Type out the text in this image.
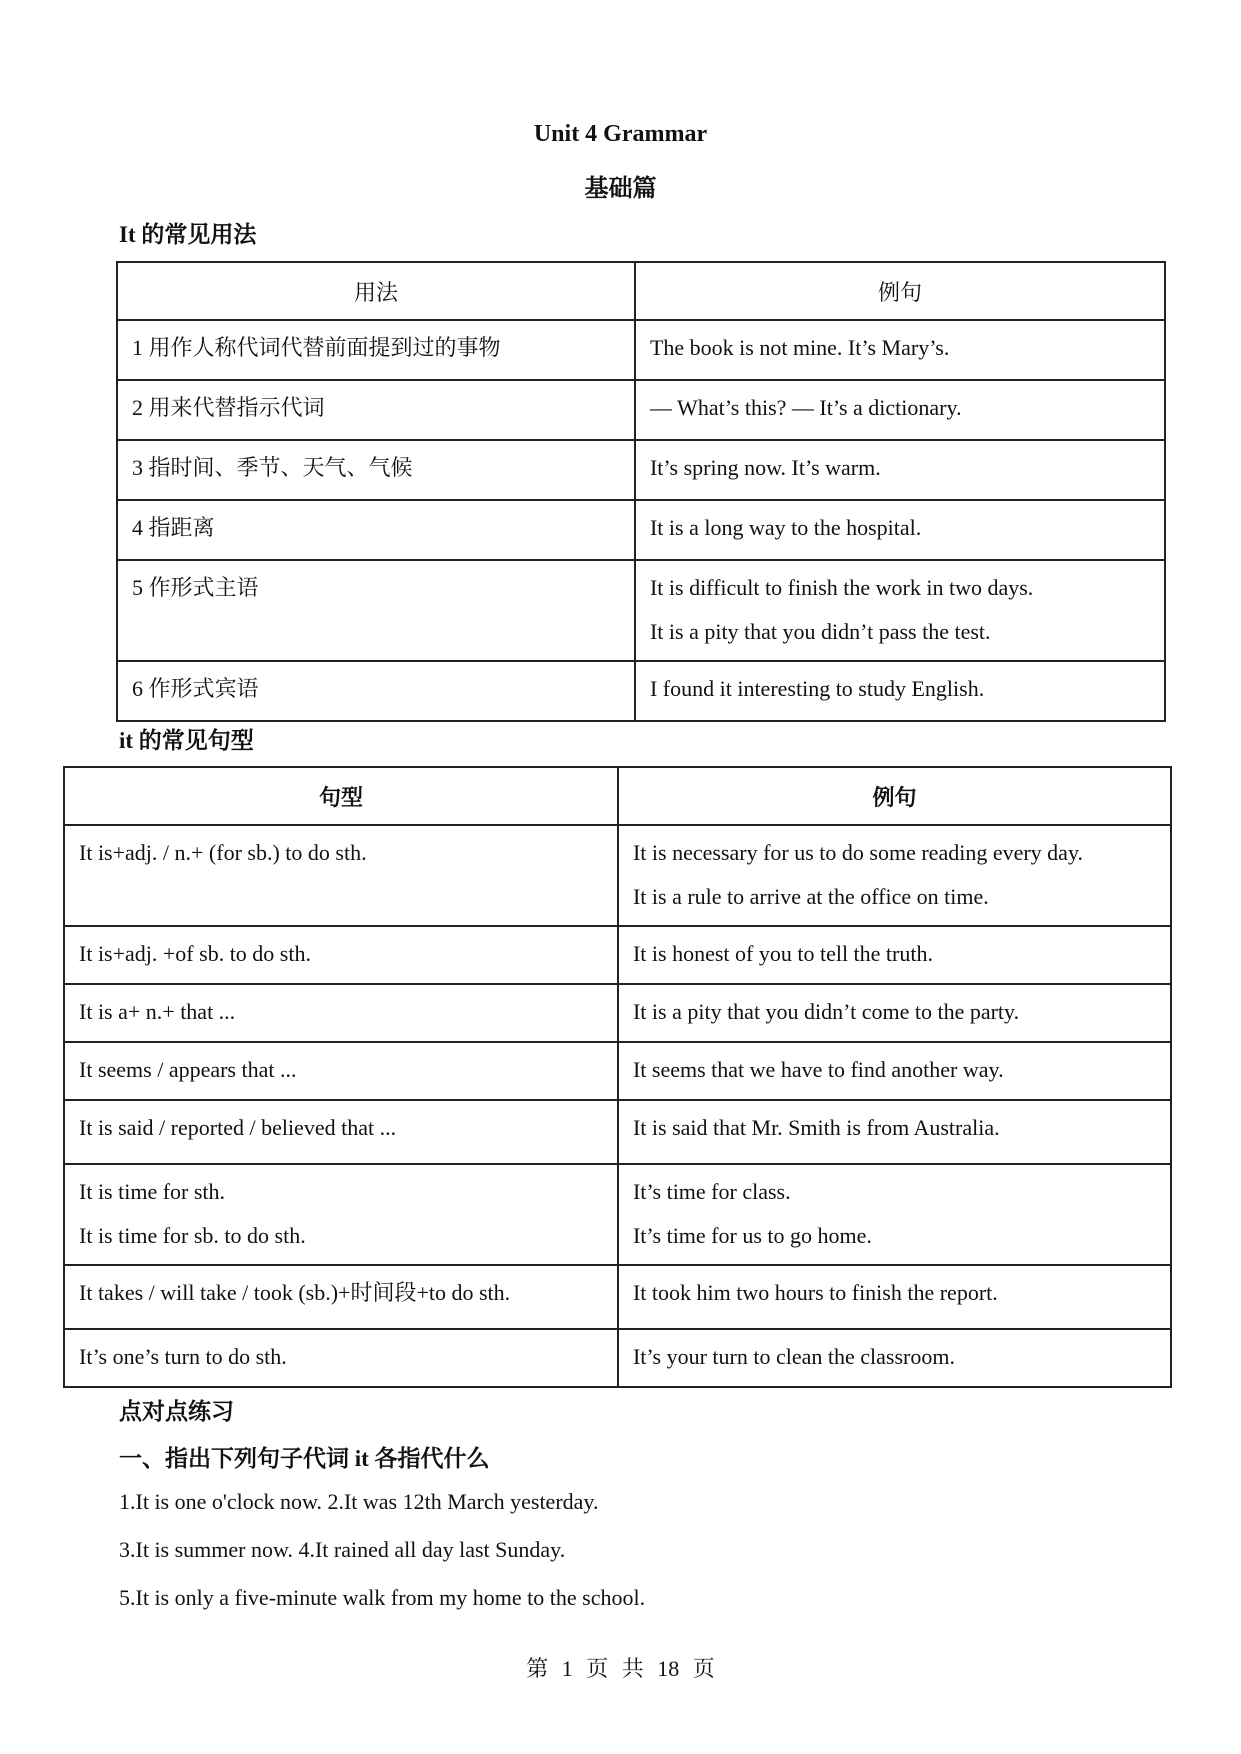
Unit 4 Grammar
基础篇
It 的常见用法
用法	例句

1 用作人称代词代替前面提到过的事物	The book is not mine. It’s Mary’s.

2 用来代替指示代词	— What’s this? — It’s a dictionary.

3 指时间、季节、天气、气候	It’s spring now. It’s warm.

4 指距离	It is a long way to the hospital.

5 作形式主语	It is difficult to finish the work in two days.
It is a pity that you didn’t pass the test.

6 作形式宾语	I found it interesting to study English.
it 的常见句型
句型	例句

It is+adj. / n.+ (for sb.) to do sth.	It is necessary for us to do some reading every day.
It is a rule to arrive at the office on time.

It is+adj. +of sb. to do sth.	It is honest of you to tell the truth.

It is a+ n.+ that ...	It is a pity that you didn’t come to the party.

It seems / appears that ...	It seems that we have to find another way.

It is said / reported / believed that ...	It is said that Mr. Smith is from Australia.

It is time for sth.
It is time for sb. to do sth.	It’s time for class.
It’s time for us to go home.

It takes / will take / took (sb.)+时间段+to do sth.	It took him two hours to finish the report.

It’s one’s turn to do sth.	It’s your turn to clean the classroom.
点对点练习
一、指出下列句子代词 it 各指代什么
1.It is one o'clock now. 2.It was 12th March yesterday.
3.It is summer now. 4.It rained all day last Sunday.
5.It is only a five-minute walk from my home to the school.
第 1 页 共 18 页
